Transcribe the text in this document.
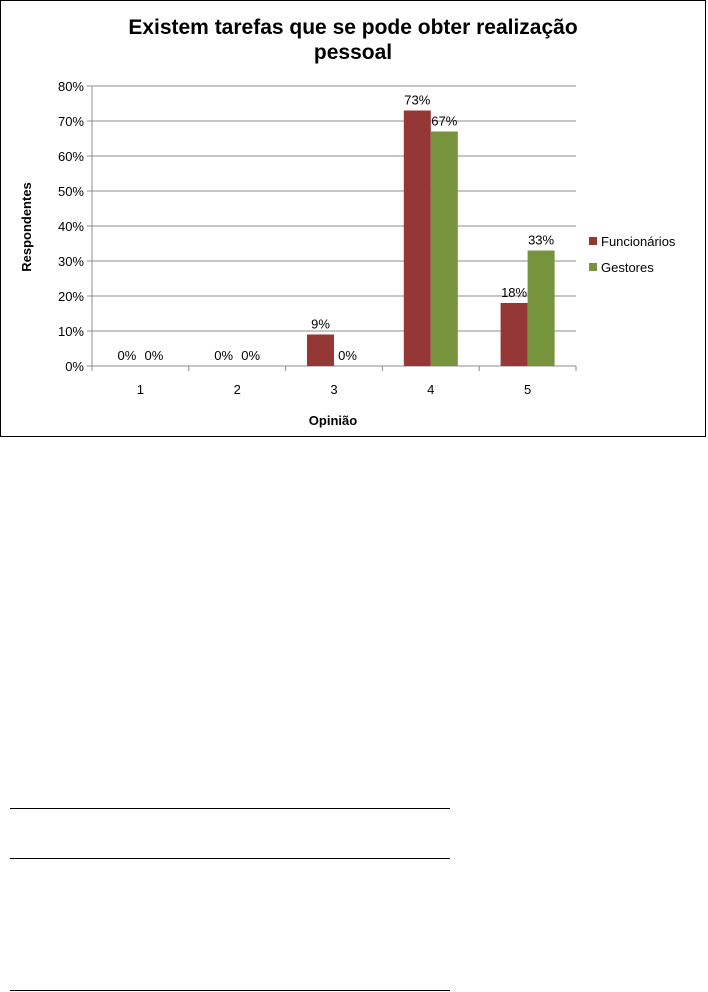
Existem tarefas que se pode obter realização
pessoal
0%
10%
20%
30%
40%
50%
60%
70%
80%
0% 0%	0% 0%
9%
0%
73%
67%
18%
33%
1	2	3	4	5
Opinião
Respondentes	Funcionários
Gestores
